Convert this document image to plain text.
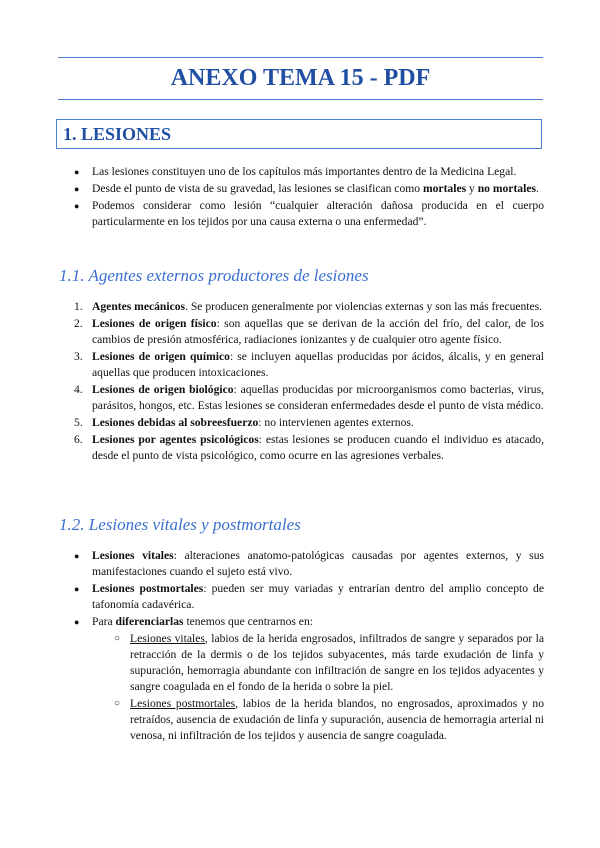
ANEXO TEMA 15 - PDF
1. LESIONES
● Las lesiones constituyen uno de los capítulos más importantes dentro de la Medicina Legal.
● Desde el punto de vista de su gravedad, las lesiones se clasifican como mortales y no mortales.
● Podemos considerar como lesión “cualquier alteración dañosa producida en el cuerpo particularmente en los tejidos por una causa externa o una enfermedad”.
1.1. Agentes externos productores de lesiones
1. Agentes mecánicos. Se producen generalmente por violencias externas y son las más frecuentes.
2. Lesiones de origen físico: son aquellas que se derivan de la acción del frío, del calor, de los cambios de presión atmosférica, radiaciones ionizantes y de cualquier otro agente físico.
3. Lesiones de origen químico: se incluyen aquellas producidas por ácidos, álcalis, y en general aquellas que producen intoxicaciones.
4. Lesiones de origen biológico: aquellas producidas por microorganismos como bacterias, virus, parásitos, hongos, etc. Estas lesiones se consideran enfermedades desde el punto de vista médico.
5. Lesiones debidas al sobreesfuerzo: no intervienen agentes externos.
6. Lesiones por agentes psicológicos: estas lesiones se producen cuando el individuo es atacado, desde el punto de vista psicológico, como ocurre en las agresiones verbales.
1.2. Lesiones vitales y postmortales
● Lesiones vitales: alteraciones anatomo-patológicas causadas por agentes externos, y sus manifestaciones cuando el sujeto está vivo.
● Lesiones postmortales: pueden ser muy variadas y entrarían dentro del amplio concepto de tafonomía cadavérica.
● Para diferenciarlas tenemos que centrarnos en:
○ Lesiones vitales, labios de la herida engrosados, infiltrados de sangre y separados por la retracción de la dermis o de los tejidos subyacentes, más tarde exudación de linfa y supuración, hemorragia abundante con infiltración de sangre en los tejidos adyacentes y sangre coagulada en el fondo de la herida o sobre la piel.
○ Lesiones postmortales, labios de la herida blandos, no engrosados, aproximados y no retraídos, ausencia de exudación de linfa y supuración, ausencia de hemorragia arterial ni venosa, ni infiltración de los tejidos y ausencia de sangre coagulada.
